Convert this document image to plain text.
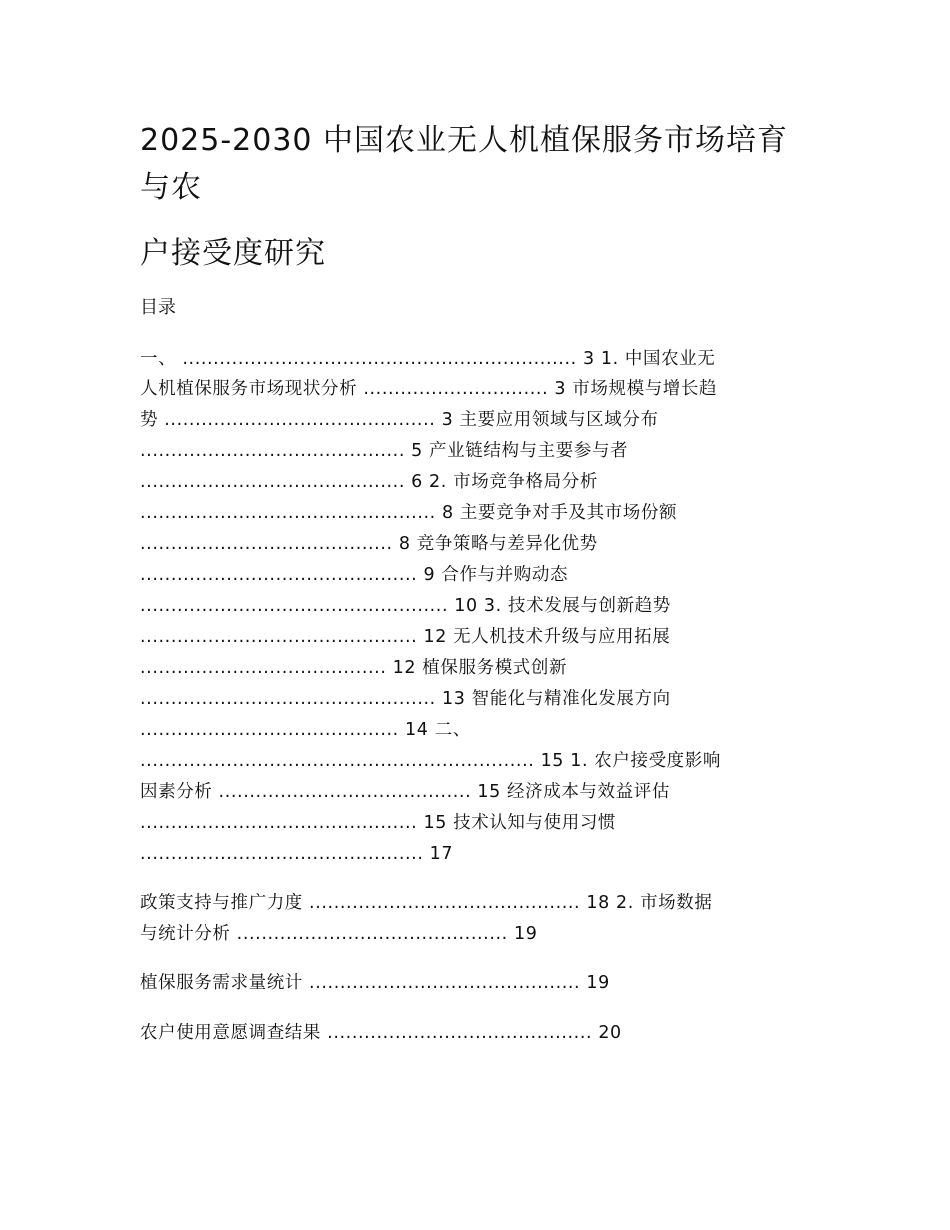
2025-2030 中国农业无人机植保服务市场培育
与农
户接受度研究
目录
一、 ................................................................ 3 1. 中国农业无
人机植保服务市场现状分析 .............................. 3 市场规模与增长趋
势 ............................................ 3 主要应用领域与区域分布
........................................... 5 产业链结构与主要参与者
........................................... 6 2. 市场竞争格局分析
................................................ 8 主要竞争对手及其市场份额
......................................... 8 竞争策略与差异化优势
............................................. 9 合作与并购动态
.................................................. 10 3. 技术发展与创新趋势
............................................. 12 无人机技术升级与应用拓展
........................................ 12 植保服务模式创新
................................................ 13 智能化与精准化发展方向
.......................................... 14 二、
................................................................ 15 1. 农户接受度影响
因素分析 ......................................... 15 经济成本与效益评估
............................................. 15 技术认知与使用习惯
.............................................. 17
政策支持与推广力度 ............................................ 18 2. 市场数据
与统计分析 ............................................ 19
植保服务需求量统计 ............................................ 19
农户使用意愿调查结果 ........................................... 20
